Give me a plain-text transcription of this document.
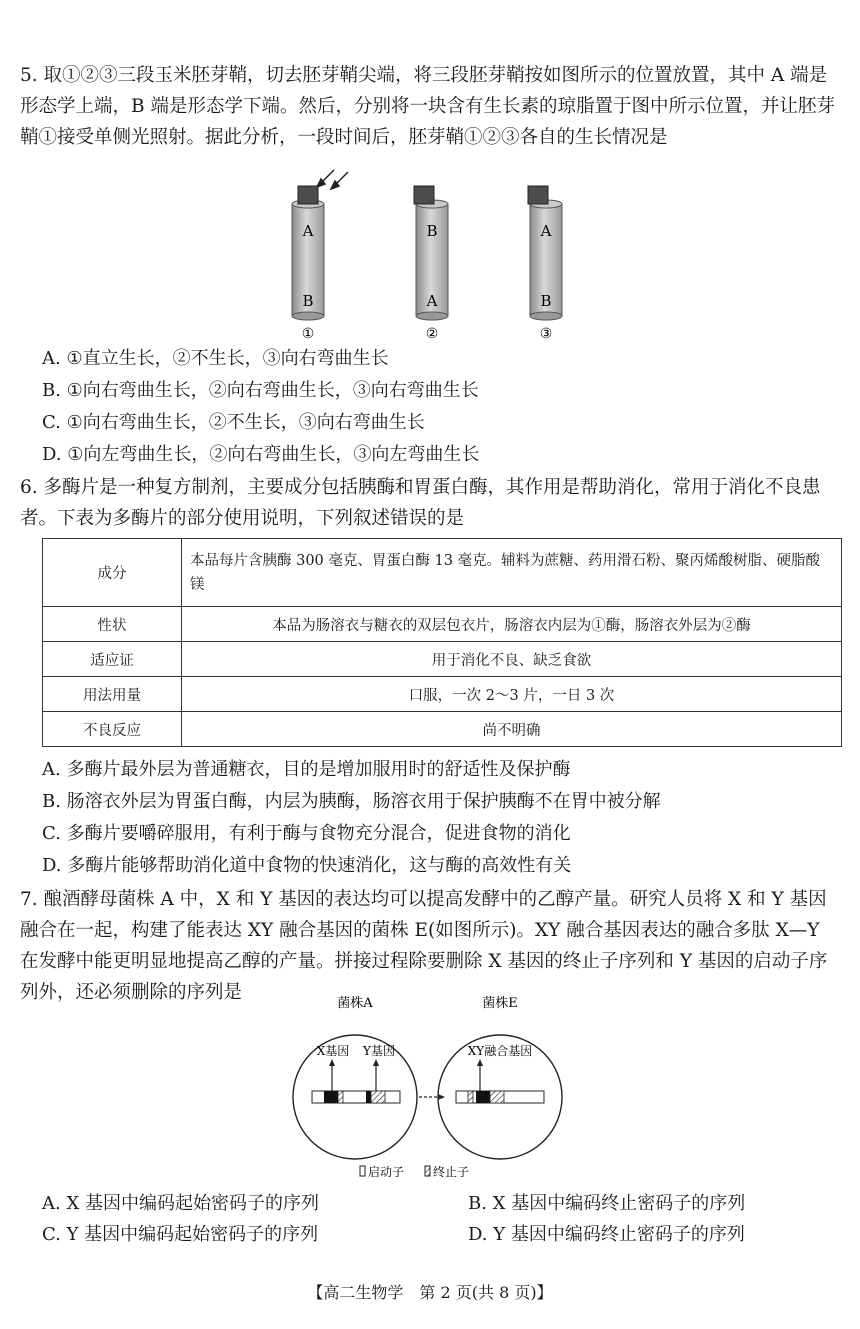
5. 取①②③三段玉米胚芽鞘，切去胚芽鞘尖端，将三段胚芽鞘按如图所示的位置放置，其中 A 端是形态学上端，B 端是形态学下端。然后，分别将一块含有生长素的琼脂置于图中所示位置，并让胚芽鞘①接受单侧光照射。据此分析，一段时间后，胚芽鞘①②③各自的生长情况是
A
B
①
B
A
②
A
B
③
A. ①直立生长，②不生长，③向右弯曲生长
B. ①向右弯曲生长，②向右弯曲生长，③向右弯曲生长
C. ①向右弯曲生长，②不生长，③向右弯曲生长
D. ①向左弯曲生长，②向右弯曲生长，③向左弯曲生长
6. 多酶片是一种复方制剂，主要成分包括胰酶和胃蛋白酶，其作用是帮助消化，常用于消化不良患者。下表为多酶片的部分使用说明，下列叙述错误的是
成分	本品每片含胰酶 300 毫克、胃蛋白酶 13 毫克。辅料为蔗糖、药用滑石粉、聚丙烯酸树脂、硬脂酸镁
性状	本品为肠溶衣与糖衣的双层包衣片，肠溶衣内层为①酶，肠溶衣外层为②酶
适应证	用于消化不良、缺乏食欲
用法用量	口服，一次 2～3 片，一日 3 次
不良反应	尚不明确
A. 多酶片最外层为普通糖衣，目的是增加服用时的舒适性及保护酶
B. 肠溶衣外层为胃蛋白酶，内层为胰酶，肠溶衣用于保护胰酶不在胃中被分解
C. 多酶片要嚼碎服用，有利于酶与食物充分混合，促进食物的消化
D. 多酶片能够帮助消化道中食物的快速消化，这与酶的高效性有关
7. 酿酒酵母菌株 A 中，X 和 Y 基因的表达均可以提高发酵中的乙醇产量。研究人员将 X 和 Y 基因融合在一起，构建了能表达 XY 融合基因的菌株 E(如图所示)。XY 融合基因表达的融合多肽 X—Y 在发酵中能更明显地提高乙醇的产量。拼接过程除要删除 X 基因的终止子序列和 Y 基因的启动子序列外，还必须删除的序列是
菌株A	菌株E
X基因 Y基因	XY融合基因
启动子 终止子
A. X 基因中编码起始密码子的序列	B. X 基因中编码终止密码子的序列
C. Y 基因中编码起始密码子的序列	D. Y 基因中编码终止密码子的序列
【高二生物学　第 2 页(共 8 页)】
